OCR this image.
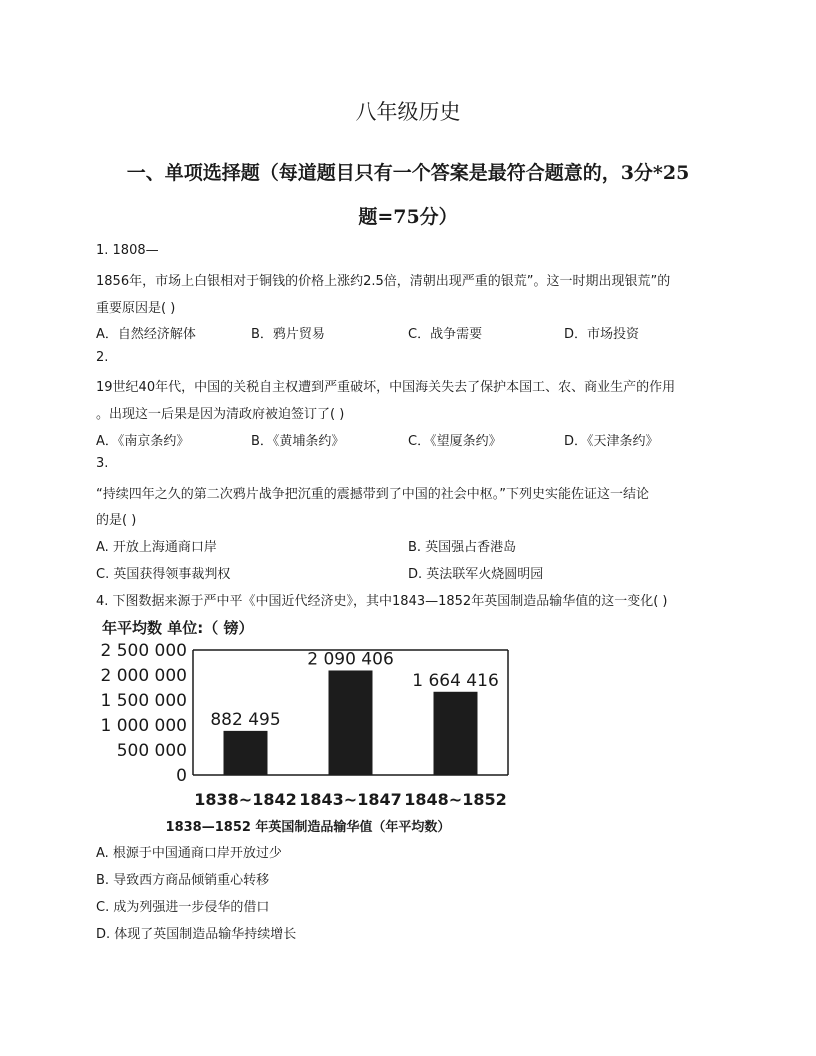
八年级历史
一、单项选择题（每道题目只有一个答案是最符合题意的，3分*25
题=75分）
1. 1808—
1856年，市场上白银相对于铜钱的价格上涨约2.5倍，清朝出现严重的银荒”。这一时期出现银荒”的
重要原因是( )
A．自然经济解体	B．鸦片贸易	C．战争需要	D．市场投资
2.
19世纪40年代，中国的关税自主权遭到严重破坏，中国海关失去了保护本国工、农、商业生产的作用
。出现这一后果是因为清政府被迫签订了( )
A．《南京条约》	B．《黄埔条约》	C．《望厦条约》	D．《天津条约》
3.
“持续四年之久的第二次鸦片战争把沉重的震撼带到了中国的社会中枢。”下列史实能佐证这一结论
的是( )
A. 开放上海通商口岸	B. 英国强占香港岛
C. 英国获得领事裁判权	D. 英法联军火烧圆明园
4. 下图数据来源于严中平《中国近代经济史》，其中1843—1852年英国制造品输华值的这一变化( )
年平均数 单位:（ 镑）
0
500 000
1 000 000
1 500 000
2 000 000
2 500 000
882 495
2 090 406
1 664 416
1838~1842 1843~1847 1848~1852
1838—1852 年英国制造品输华值（年平均数）
A. 根源于中国通商口岸开放过少
B. 导致西方商品倾销重心转移
C. 成为列强进一步侵华的借口
D. 体现了英国制造品输华持续增长
